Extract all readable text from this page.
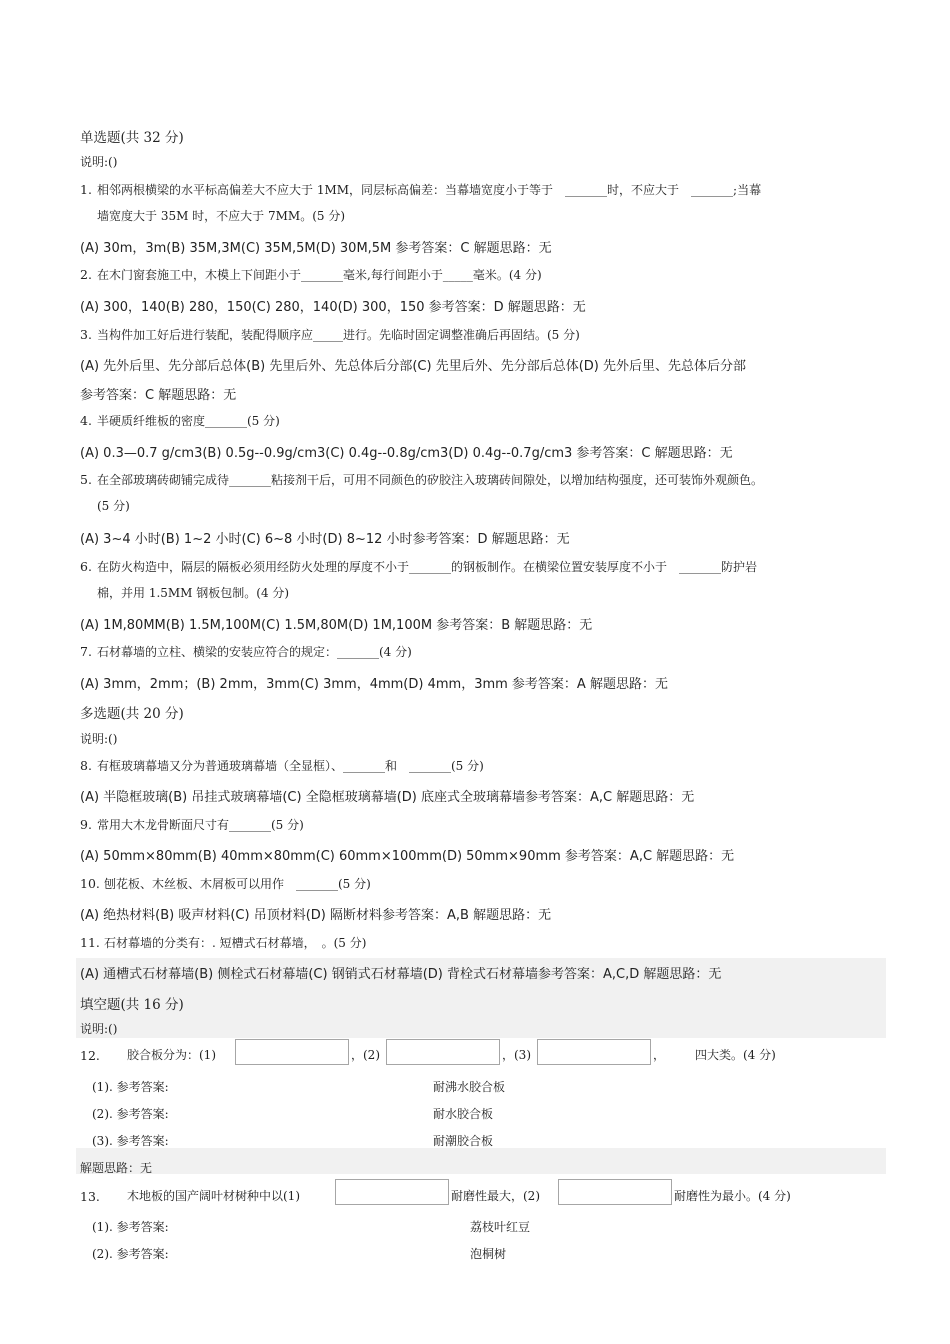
单选题(共 32 分)
说明:()
1. 相邻两根横梁的水平标高偏差大不应大于 1MM，同层标高偏差：当幕墙宽度小于等于　_______时，不应大于　_______;当幕
墙宽度大于 35M 时，不应大于 7MM。(5 分)
(A) 30m，3m(B) 35M,3M(C) 35M,5M(D) 30M,5M 参考答案：C 解题思路：无
2. 在木门窗套施工中，木模上下间距小于_______毫米,每行间距小于_____毫米。(4 分)
(A) 300，140(B) 280，150(C) 280，140(D) 300，150 参考答案：D 解题思路：无
3. 当构件加工好后进行装配，装配得顺序应_____进行。先临时固定调整准确后再固结。(5 分)
(A) 先外后里、先分部后总体(B) 先里后外、先总体后分部(C) 先里后外、先分部后总体(D) 先外后里、先总体后分部
参考答案：C 解题思路：无
4. 半硬质纤维板的密度_______(5 分)
(A) 0.3—0.7 g/cm3(B) 0.5g--0.9g/cm3(C) 0.4g--0.8g/cm3(D) 0.4g--0.7g/cm3 参考答案：C 解题思路：无
5. 在全部玻璃砖砌铺完成待_______粘接剂干后，可用不同颜色的矽胶注入玻璃砖间隙处，以增加结构强度，还可装饰外观颜色。
(5 分)
(A) 3~4 小时(B) 1~2 小时(C) 6~8 小时(D) 8~12 小时参考答案：D 解题思路：无
6. 在防火构造中，隔层的隔板必须用经防火处理的厚度不小于_______的钢板制作。在横梁位置安装厚度不小于　_______防护岩
棉，并用 1.5MM 钢板包制。(4 分)
(A) 1M,80MM(B) 1.5M,100M(C) 1.5M,80M(D) 1M,100M 参考答案：B 解题思路：无
7. 石材幕墙的立柱、横梁的安装应符合的规定：_______(4 分)
(A) 3mm，2mm；(B) 2mm，3mm(C) 3mm，4mm(D) 4mm，3mm 参考答案：A 解题思路：无
多选题(共 20 分)
说明:()
8. 有框玻璃幕墙又分为普通玻璃幕墙（全显框）、_______和　_______(5 分)
(A) 半隐框玻璃(B) 吊挂式玻璃幕墙(C) 全隐框玻璃幕墙(D) 底座式全玻璃幕墙参考答案：A,C 解题思路：无
9. 常用大木龙骨断面尺寸有_______(5 分)
(A) 50mm×80mm(B) 40mm×80mm(C) 60mm×100mm(D) 50mm×90mm 参考答案：A,C 解题思路：无
10. 刨花板、木丝板、木屑板可以用作　_______(5 分)
(A) 绝热材料(B) 吸声材料(C) 吊顶材料(D) 隔断材料参考答案：A,B 解题思路：无
11. 石材幕墙的分类有：. 短槽式石材幕墙，　。(5 分)
(A) 通槽式石材幕墙(B) 侧栓式石材幕墙(C) 钢销式石材幕墙(D) 背栓式石材幕墙参考答案：A,C,D 解题思路：无
填空题(共 16 分)
说明:()
12. 胶合板分为：(1)	，(2)	，(3)	，　　　四大类。(4 分)
(1). 参考答案:	耐沸水胶合板
(2). 参考答案:	耐水胶合板
(3). 参考答案:	耐潮胶合板
解题思路：无
13. 木地板的国产阔叶材树种中以(1)	耐磨性最大，(2)	耐磨性为最小。(4 分)
(1). 参考答案:	荔枝叶红豆
(2). 参考答案:	泡桐树
